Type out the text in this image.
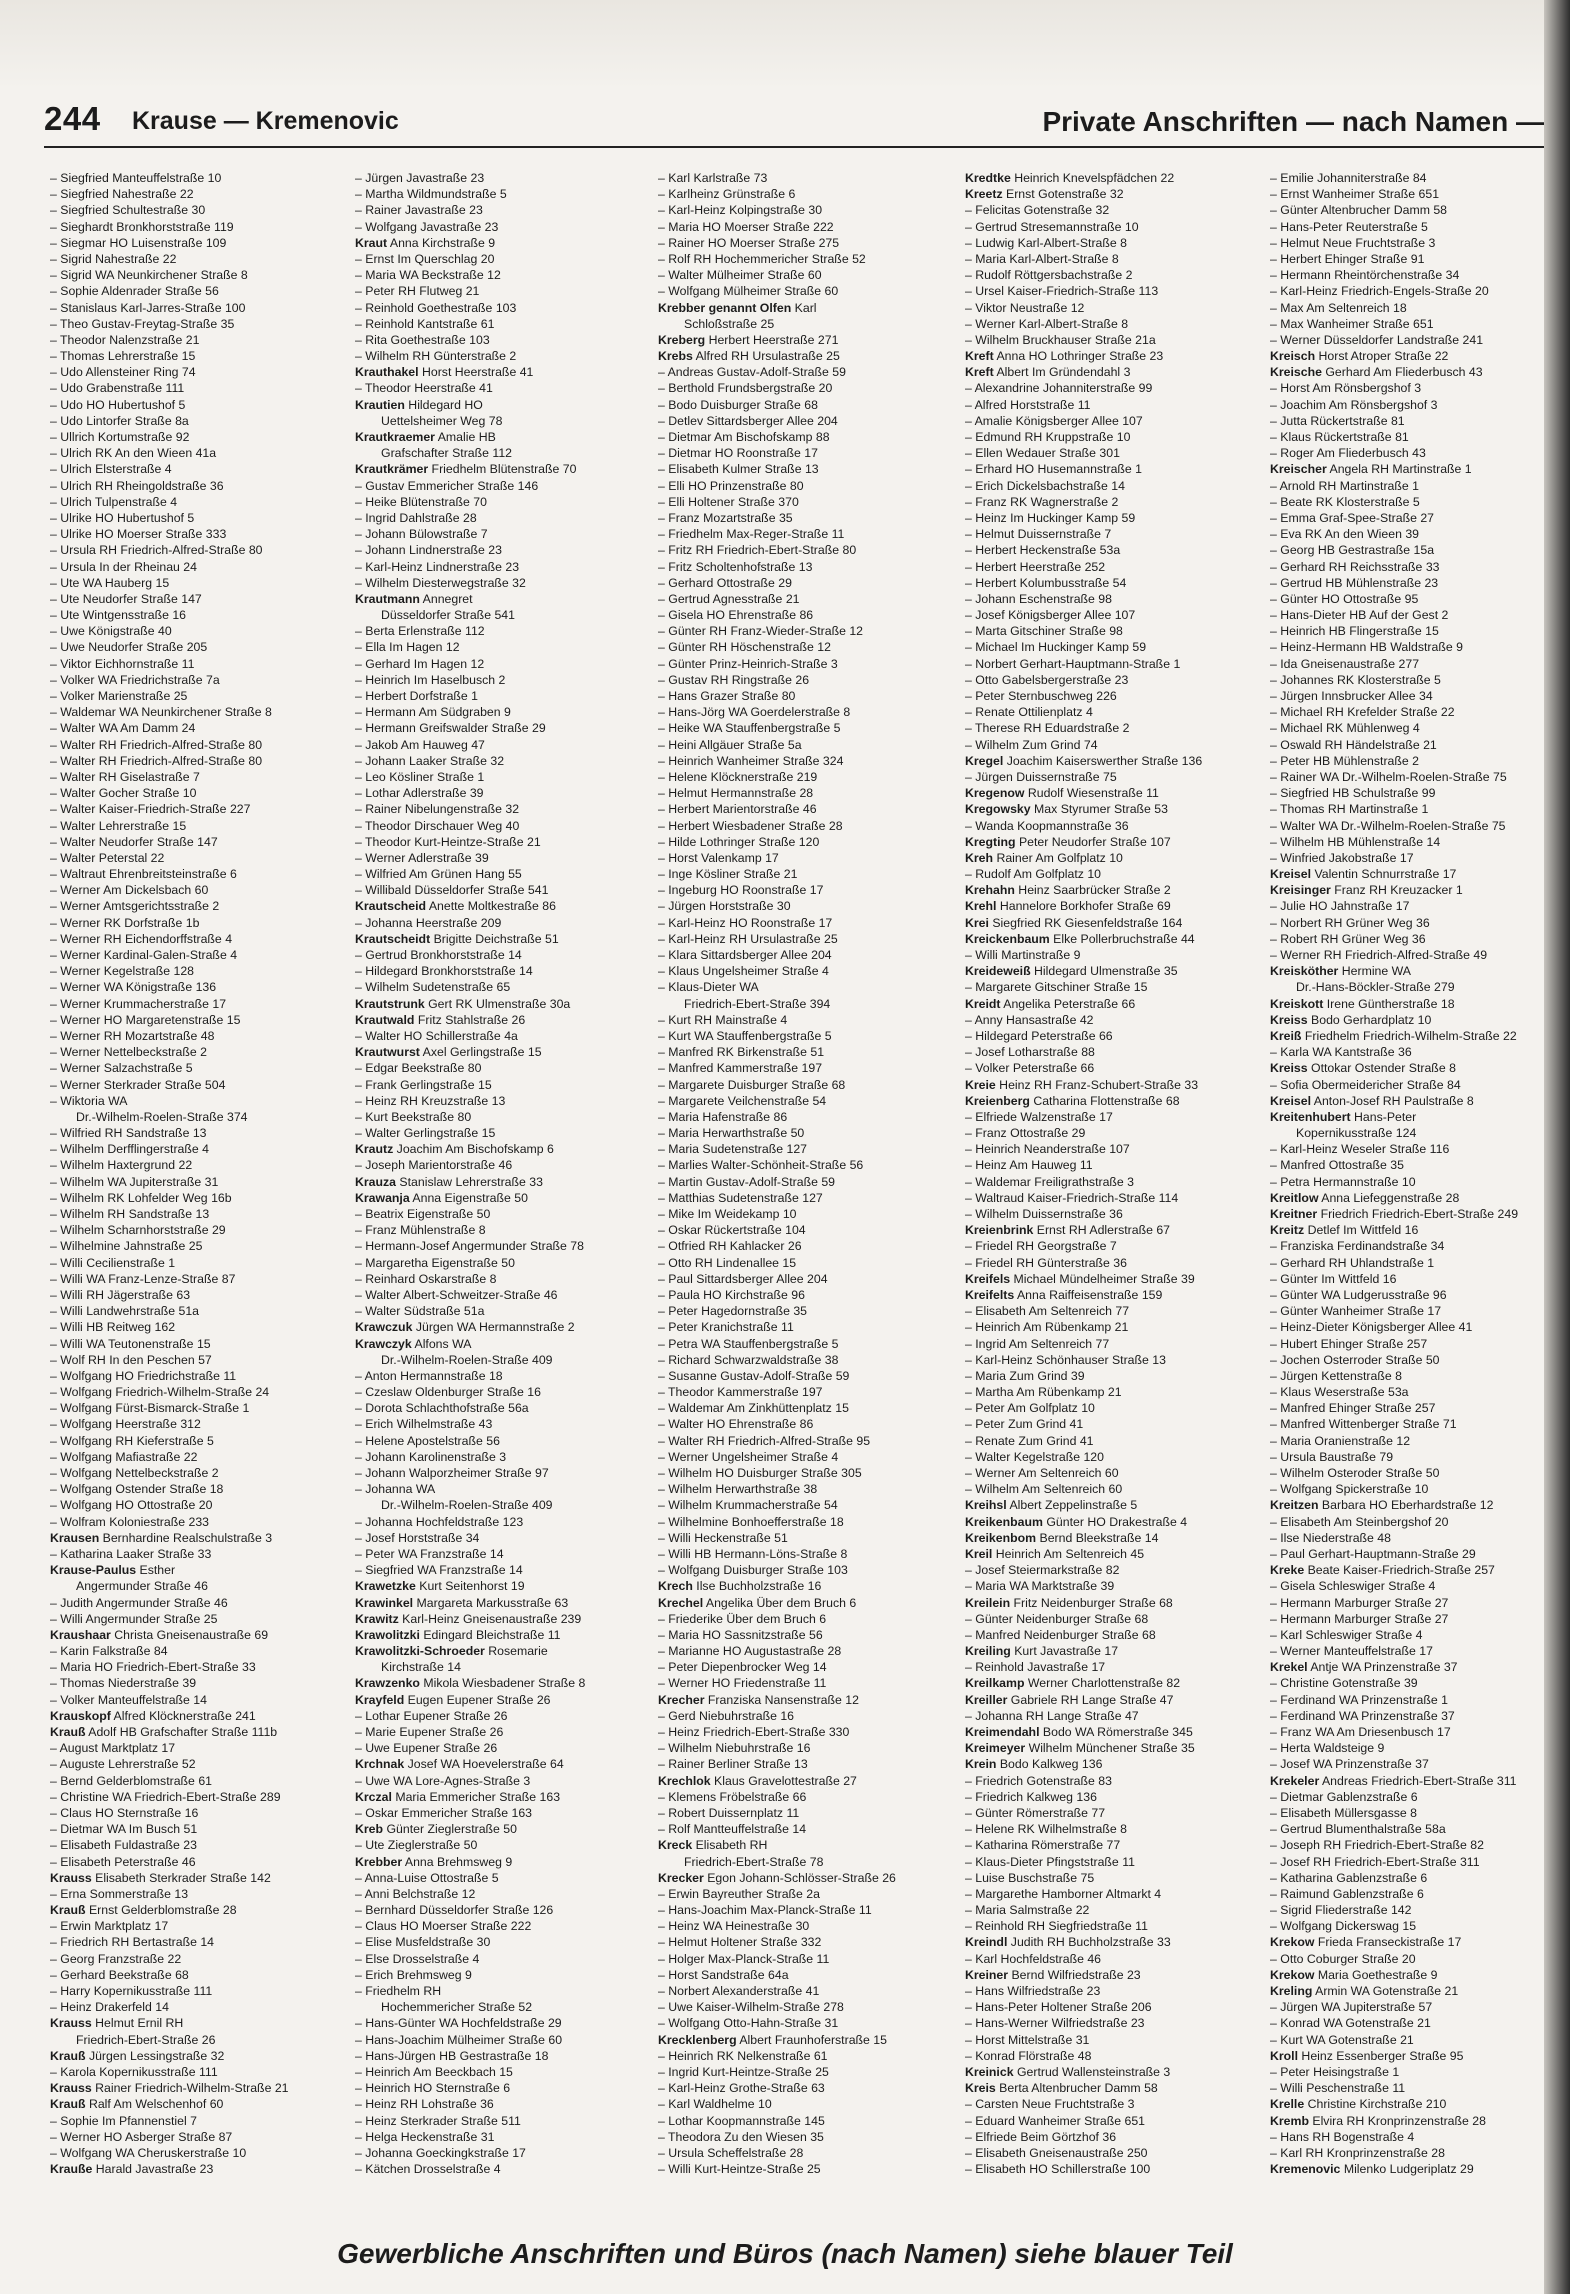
244 Krause — Kremenovic	Private Anschriften — nach Namen —
– Siegfried Manteuffelstraße 10
– Siegfried Nahestraße 22
– Siegfried Schultestraße 30
– Sieghardt Bronkhorststraße 119
– Siegmar HO Luisenstraße 109
– Sigrid Nahestraße 22
– Sigrid WA Neunkirchener Straße 8
– Sophie Aldenrader Straße 56
– Stanislaus Karl-Jarres-Straße 100
– Theo Gustav-Freytag-Straße 35
– Theodor Nalenzstraße 21
– Thomas Lehrerstraße 15
– Udo Allensteiner Ring 74
– Udo Grabenstraße 111
– Udo HO Hubertushof 5
– Udo Lintorfer Straße 8a
– Ullrich Kortumstraße 92
– Ulrich RK An den Wieen 41a
– Ulrich Elsterstraße 4
– Ulrich RH Rheingoldstraße 36
– Ulrich Tulpenstraße 4
– Ulrike HO Hubertushof 5
– Ulrike HO Moerser Straße 333
– Ursula RH Friedrich-Alfred-Straße 80
– Ursula In der Rheinau 24
– Ute WA Hauberg 15
– Ute Neudorfer Straße 147
– Ute Wintgensstraße 16
– Uwe Königstraße 40
– Uwe Neudorfer Straße 205
– Viktor Eichhornstraße 11
– Volker WA Friedrichstraße 7a
– Volker Marienstraße 25
– Waldemar WA Neunkirchener Straße 8
– Walter WA Am Damm 24
– Walter RH Friedrich-Alfred-Straße 80
– Walter RH Friedrich-Alfred-Straße 80
– Walter RH Giselastraße 7
– Walter Gocher Straße 10
– Walter Kaiser-Friedrich-Straße 227
– Walter Lehrerstraße 15
– Walter Neudorfer Straße 147
– Walter Peterstal 22
– Waltraut Ehrenbreitsteinstraße 6
– Werner Am Dickelsbach 60
– Werner Amtsgerichtsstraße 2
– Werner RK Dorfstraße 1b
– Werner RH Eichendorffstraße 4
– Werner Kardinal-Galen-Straße 4
– Werner Kegelstraße 128
– Werner WA Königstraße 136
– Werner Krummacherstraße 17
– Werner HO Margaretenstraße 15
– Werner RH Mozartstraße 48
– Werner Nettelbeckstraße 2
– Werner Salzachstraße 5
– Werner Sterkrader Straße 504
– Wiktoria WA
Dr.-Wilhelm-Roelen-Straße 374
– Wilfried RH Sandstraße 13
– Wilhelm Derfflingerstraße 4
– Wilhelm Haxtergrund 22
– Wilhelm WA Jupiterstraße 31
– Wilhelm RK Lohfelder Weg 16b
– Wilhelm RH Sandstraße 13
– Wilhelm Scharnhorststraße 29
– Wilhelmine Jahnstraße 25
– Willi Cecilienstraße 1
– Willi WA Franz-Lenze-Straße 87
– Willi RH Jägerstraße 63
– Willi Landwehrstraße 51a
– Willi HB Reitweg 162
– Willi WA Teutonenstraße 15
– Wolf RH In den Peschen 57
– Wolfgang HO Friedrichstraße 11
– Wolfgang Friedrich-Wilhelm-Straße 24
– Wolfgang Fürst-Bismarck-Straße 1
– Wolfgang Heerstraße 312
– Wolfgang RH Kieferstraße 5
– Wolfgang Mafiastraße 22
– Wolfgang Nettelbeckstraße 2
– Wolfgang Ostender Straße 18
– Wolfgang HO Ottostraße 20
– Wolfram Koloniestraße 233
Krausen Bernhardine Realschulstraße 3
– Katharina Laaker Straße 33
Krause-Paulus Esther
Angermunder Straße 46
– Judith Angermunder Straße 46
– Willi Angermunder Straße 25
Kraushaar Christa Gneisenaustraße 69
– Karin Falkstraße 84
– Maria HO Friedrich-Ebert-Straße 33
– Thomas Niederstraße 39
– Volker Manteuffelstraße 14
Krauskopf Alfred Klöcknerstraße 241
Krauß Adolf HB Grafschafter Straße 111b
– August Marktplatz 17
– Auguste Lehrerstraße 52
– Bernd Gelderblomstraße 61
– Christine WA Friedrich-Ebert-Straße 289
– Claus HO Sternstraße 16
– Dietmar WA Im Busch 51
– Elisabeth Fuldastraße 23
– Elisabeth Peterstraße 46
Krauss Elisabeth Sterkrader Straße 142
– Erna Sommerstraße 13
Krauß Ernst Gelderblomstraße 28
– Erwin Marktplatz 17
– Friedrich RH Bertastraße 14
– Georg Franzstraße 22
– Gerhard Beekstraße 68
– Harry Kopernikusstraße 111
– Heinz Drakerfeld 14
Krauss Helmut Ernil RH
Friedrich-Ebert-Straße 26
Krauß Jürgen Lessingstraße 32
– Karola Kopernikusstraße 111
Krauss Rainer Friedrich-Wilhelm-Straße 21
Krauß Ralf Am Welschenhof 60
– Sophie Im Pfannenstiel 7
– Werner HO Asberger Straße 87
– Wolfgang WA Cheruskerstraße 10
Krauße Harald Javastraße 23
– Jürgen Javastraße 23
– Martha Wildmundstraße 5
– Rainer Javastraße 23
– Wolfgang Javastraße 23
Kraut Anna Kirchstraße 9
– Ernst Im Querschlag 20
– Maria WA Beckstraße 12
– Peter RH Flutweg 21
– Reinhold Goethestraße 103
– Reinhold Kantstraße 61
– Rita Goethestraße 103
– Wilhelm RH Günterstraße 2
Krauthakel Horst Heerstraße 41
– Theodor Heerstraße 41
Krautien Hildegard HO
Uettelsheimer Weg 78
Krautkraemer Amalie HB
Grafschafter Straße 112
Krautkrämer Friedhelm Blütenstraße 70
– Gustav Emmericher Straße 146
– Heike Blütenstraße 70
– Ingrid Dahlstraße 28
– Johann Bülowstraße 7
– Johann Lindnerstraße 23
– Karl-Heinz Lindnerstraße 23
– Wilhelm Diesterwegstraße 32
Krautmann Annegret
Düsseldorfer Straße 541
– Berta Erlenstraße 112
– Ella Im Hagen 12
– Gerhard Im Hagen 12
– Heinrich Im Haselbusch 2
– Herbert Dorfstraße 1
– Hermann Am Südgraben 9
– Hermann Greifswalder Straße 29
– Jakob Am Hauweg 47
– Johann Laaker Straße 32
– Leo Kösliner Straße 1
– Lothar Adlerstraße 39
– Rainer Nibelungenstraße 32
– Theodor Dirschauer Weg 40
– Theodor Kurt-Heintze-Straße 21
– Werner Adlerstraße 39
– Wilfried Am Grünen Hang 55
– Willibald Düsseldorfer Straße 541
Krautscheid Anette Moltkestraße 86
– Johanna Heerstraße 209
Krautscheidt Brigitte Deichstraße 51
– Gertrud Bronkhorststraße 14
– Hildegard Bronkhorststraße 14
– Wilhelm Sudetenstraße 65
Krautstrunk Gert RK Ulmenstraße 30a
Krautwald Fritz Stahlstraße 26
– Walter HO Schillerstraße 4a
Krautwurst Axel Gerlingstraße 15
– Edgar Beekstraße 80
– Frank Gerlingstraße 15
– Heinz RH Kreuzstraße 13
– Kurt Beekstraße 80
– Walter Gerlingstraße 15
Krautz Joachim Am Bischofskamp 6
– Joseph Marientorstraße 46
Krauza Stanislaw Lehrerstraße 33
Krawanja Anna Eigenstraße 50
– Beatrix Eigenstraße 50
– Franz Mühlenstraße 8
– Hermann-Josef Angermunder Straße 78
– Margaretha Eigenstraße 50
– Reinhard Oskarstraße 8
– Walter Albert-Schweitzer-Straße 46
– Walter Südstraße 51a
Krawczuk Jürgen WA Hermannstraße 2
Krawczyk Alfons WA
Dr.-Wilhelm-Roelen-Straße 409
– Anton Hermannstraße 18
– Czeslaw Oldenburger Straße 16
– Dorota Schlachthofstraße 56a
– Erich Wilhelmstraße 43
– Helene Apostelstraße 56
– Johann Karolinenstraße 3
– Johann Walporzheimer Straße 97
– Johanna WA
Dr.-Wilhelm-Roelen-Straße 409
– Johanna Hochfeldstraße 123
– Josef Horststraße 34
– Peter WA Franzstraße 14
– Siegfried WA Franzstraße 14
Krawetzke Kurt Seitenhorst 19
Krawinkel Margareta Markusstraße 63
Krawitz Karl-Heinz Gneisenaustraße 239
Krawolitzki Edingard Bleichstraße 11
Krawolitzki-Schroeder Rosemarie
Kirchstraße 14
Krawzenko Mikola Wiesbadener Straße 8
Krayfeld Eugen Eupener Straße 26
– Lothar Eupener Straße 26
– Marie Eupener Straße 26
– Uwe Eupener Straße 26
Krchnak Josef WA Hoevelerstraße 64
– Uwe WA Lore-Agnes-Straße 3
Krczal Maria Emmericher Straße 163
– Oskar Emmericher Straße 163
Kreb Günter Zieglerstraße 50
– Ute Zieglerstraße 50
Krebber Anna Brehmsweg 9
– Anna-Luise Ottostraße 5
– Anni Belchstraße 12
– Bernhard Düsseldorfer Straße 126
– Claus HO Moerser Straße 222
– Elise Musfeldstraße 30
– Else Drosselstraße 4
– Erich Brehmsweg 9
– Friedhelm RH
Hochemmericher Straße 52
– Hans-Günter WA Hochfeldstraße 29
– Hans-Joachim Mülheimer Straße 60
– Hans-Jürgen HB Gestrastraße 18
– Heinrich Am Beeckbach 15
– Heinrich HO Sternstraße 6
– Heinz RH Lohstraße 36
– Heinz Sterkrader Straße 511
– Helga Heckenstraße 31
– Johanna Goeckingkstraße 17
– Kätchen Drosselstraße 4
– Karl Karlstraße 73
– Karlheinz Grünstraße 6
– Karl-Heinz Kolpingstraße 30
– Maria HO Moerser Straße 222
– Rainer HO Moerser Straße 275
– Rolf RH Hochemmericher Straße 52
– Walter Mülheimer Straße 60
– Wolfgang Mülheimer Straße 60
Krebber genannt Olfen Karl
Schloßstraße 25
Kreberg Herbert Heerstraße 271
Krebs Alfred RH Ursulastraße 25
– Andreas Gustav-Adolf-Straße 59
– Berthold Frundsbergstraße 20
– Bodo Duisburger Straße 68
– Detlev Sittardsberger Allee 204
– Dietmar Am Bischofskamp 88
– Dietmar HO Roonstraße 17
– Elisabeth Kulmer Straße 13
– Elli HO Prinzenstraße 80
– Elli Holtener Straße 370
– Franz Mozartstraße 35
– Friedhelm Max-Reger-Straße 11
– Fritz RH Friedrich-Ebert-Straße 80
– Fritz Scholtenhofstraße 13
– Gerhard Ottostraße 29
– Gertrud Agnesstraße 21
– Gisela HO Ehrenstraße 86
– Günter RH Franz-Wieder-Straße 12
– Günter RH Höschenstraße 12
– Günter Prinz-Heinrich-Straße 3
– Gustav RH Ringstraße 26
– Hans Grazer Straße 80
– Hans-Jörg WA Goerdelerstraße 8
– Heike WA Stauffenbergstraße 5
– Heini Allgäuer Straße 5a
– Heinrich Wanheimer Straße 324
– Helene Klöcknerstraße 219
– Helmut Hermannstraße 28
– Herbert Marientorstraße 46
– Herbert Wiesbadener Straße 28
– Hilde Lothringer Straße 120
– Horst Valenkamp 17
– Inge Kösliner Straße 21
– Ingeburg HO Roonstraße 17
– Jürgen Horststraße 30
– Karl-Heinz HO Roonstraße 17
– Karl-Heinz RH Ursulastraße 25
– Klara Sittardsberger Allee 204
– Klaus Ungelsheimer Straße 4
– Klaus-Dieter WA
Friedrich-Ebert-Straße 394
– Kurt RH Mainstraße 4
– Kurt WA Stauffenbergstraße 5
– Manfred RK Birkenstraße 51
– Manfred Kammerstraße 197
– Margarete Duisburger Straße 68
– Margarete Veilchenstraße 54
– Maria Hafenstraße 86
– Maria Herwarthstraße 50
– Maria Sudetenstraße 127
– Marlies Walter-Schönheit-Straße 56
– Martin Gustav-Adolf-Straße 59
– Matthias Sudetenstraße 127
– Mike Im Weidekamp 10
– Oskar Rückertstraße 104
– Otfried RH Kahlacker 26
– Otto RH Lindenallee 15
– Paul Sittardsberger Allee 204
– Paula HO Kirchstraße 96
– Peter Hagedornstraße 35
– Peter Kranichstraße 11
– Petra WA Stauffenbergstraße 5
– Richard Schwarzwaldstraße 38
– Susanne Gustav-Adolf-Straße 59
– Theodor Kammerstraße 197
– Waldemar Am Zinkhüttenplatz 15
– Walter HO Ehrenstraße 86
– Walter RH Friedrich-Alfred-Straße 95
– Werner Ungelsheimer Straße 4
– Wilhelm HO Duisburger Straße 305
– Wilhelm Herwarthstraße 38
– Wilhelm Krummacherstraße 54
– Wilhelmine Bonhoefferstraße 18
– Willi Heckenstraße 51
– Willi HB Hermann-Löns-Straße 8
– Wolfgang Duisburger Straße 103
Krech Ilse Buchholzstraße 16
Krechel Angelika Über dem Bruch 6
– Friederike Über dem Bruch 6
– Maria HO Sassnitzstraße 56
– Marianne HO Augustastraße 28
– Peter Diepenbrocker Weg 14
– Werner HO Friedenstraße 11
Krecher Franziska Nansenstraße 12
– Gerd Niebuhrstraße 16
– Heinz Friedrich-Ebert-Straße 330
– Wilhelm Niebuhrstraße 16
– Rainer Berliner Straße 13
Krechlok Klaus Gravelottestraße 27
– Klemens Fröbelstraße 66
– Robert Duissernplatz 11
– Rolf Mantteuffelstraße 14
Kreck Elisabeth RH
Friedrich-Ebert-Straße 78
Krecker Egon Johann-Schlösser-Straße 26
– Erwin Bayreuther Straße 2a
– Hans-Joachim Max-Planck-Straße 11
– Heinz WA Heinestraße 30
– Helmut Holtener Straße 332
– Holger Max-Planck-Straße 11
– Horst Sandstraße 64a
– Norbert Alexanderstraße 41
– Uwe Kaiser-Wilhelm-Straße 278
– Wolfgang Otto-Hahn-Straße 31
Krecklenberg Albert Fraunhoferstraße 15
– Heinrich RK Nelkenstraße 61
– Ingrid Kurt-Heintze-Straße 25
– Karl-Heinz Grothe-Straße 63
– Karl Waldhelme 10
– Lothar Koopmannstraße 145
– Theodora Zu den Wiesen 35
– Ursula Scheffelstraße 28
– Willi Kurt-Heintze-Straße 25
Kredtke Heinrich Knevelspfädchen 22
Kreetz Ernst Gotenstraße 32
– Felicitas Gotenstraße 32
– Gertrud Stresemannstraße 10
– Ludwig Karl-Albert-Straße 8
– Maria Karl-Albert-Straße 8
– Rudolf Röttgersbachstraße 2
– Ursel Kaiser-Friedrich-Straße 113
– Viktor Neustraße 12
– Werner Karl-Albert-Straße 8
– Wilhelm Bruckhauser Straße 21a
Kreft Anna HO Lothringer Straße 23
Kreft Albert Im Gründendahl 3
– Alexandrine Johanniterstraße 99
– Alfred Horststraße 11
– Amalie Königsberger Allee 107
– Edmund RH Kruppstraße 10
– Ellen Wedauer Straße 301
– Erhard HO Husemannstraße 1
– Erich Dickelsbachstraße 14
– Franz RK Wagnerstraße 2
– Heinz Im Huckinger Kamp 59
– Helmut Duissernstraße 7
– Herbert Heckenstraße 53a
– Herbert Heerstraße 252
– Herbert Kolumbusstraße 54
– Johann Eschenstraße 98
– Josef Königsberger Allee 107
– Marta Gitschiner Straße 98
– Michael Im Huckinger Kamp 59
– Norbert Gerhart-Hauptmann-Straße 1
– Otto Gabelsbergerstraße 23
– Peter Sternbuschweg 226
– Renate Ottilienplatz 4
– Therese RH Eduardstraße 2
– Wilhelm Zum Grind 74
Kregel Joachim Kaiserswerther Straße 136
– Jürgen Duissernstraße 75
Kregenow Rudolf Wiesenstraße 11
Kregowsky Max Styrumer Straße 53
– Wanda Koopmannstraße 36
Kregting Peter Neudorfer Straße 107
Kreh Rainer Am Golfplatz 10
– Rudolf Am Golfplatz 10
Krehahn Heinz Saarbrücker Straße 2
Krehl Hannelore Borkhofer Straße 69
Krei Siegfried RK Giesenfeldstraße 164
Kreickenbaum Elke Pollerbruchstraße 44
– Willi Martinstraße 9
Kreideweiß Hildegard Ulmenstraße 35
– Margarete Gitschiner Straße 15
Kreidt Angelika Peterstraße 66
– Anny Hansastraße 42
– Hildegard Peterstraße 66
– Josef Lotharstraße 88
– Volker Peterstraße 66
Kreie Heinz RH Franz-Schubert-Straße 33
Kreienberg Catharina Flottenstraße 68
– Elfriede Walzenstraße 17
– Franz Ottostraße 29
– Heinrich Neanderstraße 107
– Heinz Am Hauweg 11
– Waldemar Freiligrathstraße 3
– Waltraud Kaiser-Friedrich-Straße 114
– Wilhelm Duissernstraße 36
Kreienbrink Ernst RH Adlerstraße 67
– Friedel RH Georgstraße 7
– Friedel RH Günterstraße 36
Kreifels Michael Mündelheimer Straße 39
Kreifelts Anna Raiffeisenstraße 159
– Elisabeth Am Seltenreich 77
– Heinrich Am Rübenkamp 21
– Ingrid Am Seltenreich 77
– Karl-Heinz Schönhauser Straße 13
– Maria Zum Grind 39
– Martha Am Rübenkamp 21
– Peter Am Golfplatz 10
– Peter Zum Grind 41
– Renate Zum Grind 41
– Walter Kegelstraße 120
– Werner Am Seltenreich 60
– Wilhelm Am Seltenreich 60
Kreihsl Albert Zeppelinstraße 5
Kreikenbaum Günter HO Drakestraße 4
Kreikenbom Bernd Bleekstraße 14
Kreil Heinrich Am Seltenreich 45
– Josef Steiermarkstraße 82
– Maria WA Marktstraße 39
Kreilein Fritz Neidenburger Straße 68
– Günter Neidenburger Straße 68
– Manfred Neidenburger Straße 68
Kreiling Kurt Javastraße 17
– Reinhold Javastraße 17
Kreilkamp Werner Charlottenstraße 82
Kreiller Gabriele RH Lange Straße 47
– Johanna RH Lange Straße 47
Kreimendahl Bodo WA Römerstraße 345
Kreimeyer Wilhelm Münchener Straße 35
Krein Bodo Kalkweg 136
– Friedrich Gotenstraße 83
– Friedrich Kalkweg 136
– Günter Römerstraße 77
– Helene RK Wilhelmstraße 8
– Katharina Römerstraße 77
– Klaus-Dieter Pfingststraße 11
– Luise Buschstraße 75
– Margarethe Hamborner Altmarkt 4
– Maria Salmstraße 22
– Reinhold RH Siegfriedstraße 11
Kreindl Judith RH Buchholzstraße 33
– Karl Hochfeldstraße 46
Kreiner Bernd Wilfriedstraße 23
– Hans Wilfriedstraße 23
– Hans-Peter Holtener Straße 206
– Hans-Werner Wilfriedstraße 23
– Horst Mittelstraße 31
– Konrad Flörstraße 48
Kreinick Gertrud Wallensteinstraße 3
Kreis Berta Altenbrucher Damm 58
– Carsten Neue Fruchtstraße 3
– Eduard Wanheimer Straße 651
– Elfriede Beim Görtzhof 36
– Elisabeth Gneisenaustraße 250
– Elisabeth HO Schillerstraße 100
– Emilie Johanniterstraße 84
– Ernst Wanheimer Straße 651
– Günter Altenbrucher Damm 58
– Hans-Peter Reuterstraße 5
– Helmut Neue Fruchtstraße 3
– Herbert Ehinger Straße 91
– Hermann Rheintörchenstraße 34
– Karl-Heinz Friedrich-Engels-Straße 20
– Max Am Seltenreich 18
– Max Wanheimer Straße 651
– Werner Düsseldorfer Landstraße 241
Kreisch Horst Atroper Straße 22
Kreische Gerhard Am Fliederbusch 43
– Horst Am Rönsbergshof 3
– Joachim Am Rönsbergshof 3
– Jutta Rückertstraße 81
– Klaus Rückertstraße 81
– Roger Am Fliederbusch 43
Kreischer Angela RH Martinstraße 1
– Arnold RH Martinstraße 1
– Beate RK Klosterstraße 5
– Emma Graf-Spee-Straße 27
– Eva RK An den Wieen 39
– Georg HB Gestrastraße 15a
– Gerhard RH Reichsstraße 33
– Gertrud HB Mühlenstraße 23
– Günter HO Ottostraße 95
– Hans-Dieter HB Auf der Gest 2
– Heinrich HB Flingerstraße 15
– Heinz-Hermann HB Waldstraße 9
– Ida Gneisenaustraße 277
– Johannes RK Klosterstraße 5
– Jürgen Innsbrucker Allee 34
– Michael RH Krefelder Straße 22
– Michael RK Mühlenweg 4
– Oswald RH Händelstraße 21
– Peter HB Mühlenstraße 2
– Rainer WA Dr.-Wilhelm-Roelen-Straße 75
– Siegfried HB Schulstraße 99
– Thomas RH Martinstraße 1
– Walter WA Dr.-Wilhelm-Roelen-Straße 75
– Wilhelm HB Mühlenstraße 14
– Winfried Jakobstraße 17
Kreisel Valentin Schnurrstraße 17
Kreisinger Franz RH Kreuzacker 1
– Julie HO Jahnstraße 17
– Norbert RH Grüner Weg 36
– Robert RH Grüner Weg 36
– Werner RH Friedrich-Alfred-Straße 49
Kreisköther Hermine WA
Dr.-Hans-Böckler-Straße 279
Kreiskott Irene Güntherstraße 18
Kreiss Bodo Gerhardplatz 10
Kreiß Friedhelm Friedrich-Wilhelm-Straße 22
– Karla WA Kantstraße 36
Kreiss Ottokar Ostender Straße 8
– Sofia Obermeidericher Straße 84
Kreisel Anton-Josef RH Paulstraße 8
Kreitenhubert Hans-Peter
Kopernikusstraße 124
– Karl-Heinz Weseler Straße 116
– Manfred Ottostraße 35
– Petra Hermannstraße 10
Kreitlow Anna Liefeggenstraße 28
Kreitner Friedrich Friedrich-Ebert-Straße 249
Kreitz Detlef Im Wittfeld 16
– Franziska Ferdinandstraße 34
– Gerhard RH Uhlandstraße 1
– Günter Im Wittfeld 16
– Günter WA Ludgerusstraße 96
– Günter Wanheimer Straße 17
– Heinz-Dieter Königsberger Allee 41
– Hubert Ehinger Straße 257
– Jochen Osterroder Straße 50
– Jürgen Kettenstraße 8
– Klaus Weserstraße 53a
– Manfred Ehinger Straße 257
– Manfred Wittenberger Straße 71
– Maria Oranienstraße 12
– Ursula Baustraße 79
– Wilhelm Osteroder Straße 50
– Wolfgang Spickerstraße 10
Kreitzen Barbara HO Eberhardstraße 12
– Elisabeth Am Steinbergshof 20
– Ilse Niederstraße 48
– Paul Gerhart-Hauptmann-Straße 29
Kreke Beate Kaiser-Friedrich-Straße 257
– Gisela Schleswiger Straße 4
– Hermann Marburger Straße 27
– Hermann Marburger Straße 27
– Karl Schleswiger Straße 4
– Werner Manteuffelstraße 17
Krekel Antje WA Prinzenstraße 37
– Christine Gotenstraße 39
– Ferdinand WA Prinzenstraße 1
– Ferdinand WA Prinzenstraße 37
– Franz WA Am Driesenbusch 17
– Herta Waldsteige 9
– Josef WA Prinzenstraße 37
Krekeler Andreas Friedrich-Ebert-Straße 311
– Dietmar Gablenzstraße 6
– Elisabeth Müllersgasse 8
– Gertrud Blumenthalstraße 58a
– Joseph RH Friedrich-Ebert-Straße 82
– Josef RH Friedrich-Ebert-Straße 311
– Katharina Gablenzstraße 6
– Raimund Gablenzstraße 6
– Sigrid Fliederstraße 142
– Wolfgang Dickerswag 15
Krekow Frieda Franseckistraße 17
– Otto Coburger Straße 20
Krekow Maria Goethestraße 9
Kreling Armin WA Gotenstraße 21
– Jürgen WA Jupiterstraße 57
– Konrad WA Gotenstraße 21
– Kurt WA Gotenstraße 21
Kroll Heinz Essenberger Straße 95
– Peter Heisingstraße 1
– Willi Peschenstraße 11
Krelle Christine Kirchstraße 210
Kremb Elvira RH Kronprinzenstraße 28
– Hans RH Bogenstraße 4
– Karl RH Kronprinzenstraße 28
Kremenovic Milenko Ludgeriplatz 29
Gewerbliche Anschriften und Büros (nach Namen) siehe blauer Teil
